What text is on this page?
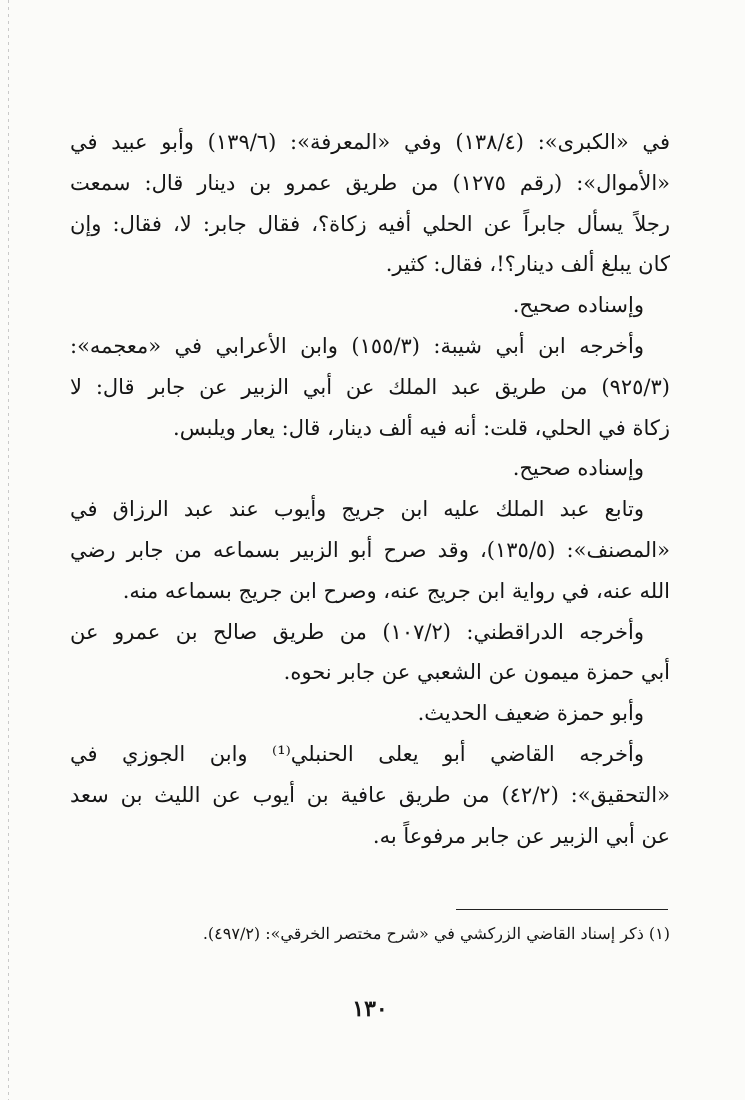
في «الكبرى»: (١٣٨/٤) وفي «المعرفة»: (١٣٩/٦) وأبو عبيد في
«الأموال»: (رقم ١٢٧٥) من طريق عمرو بن دينار قال: سمعت
رجلاً يسأل جابراً عن الحلي أفيه زكاة؟، فقال جابر: لا، فقال: وإن
كان يبلغ ألف دينار؟!، فقال: كثير.
وإسناده صحيح.
وأخرجه ابن أبي شيبة: (١٥٥/٣) وابن الأعرابي في «معجمه»:
(٩٢٥/٣) من طريق عبد الملك عن أبي الزبير عن جابر قال: لا
زكاة في الحلي، قلت: أنه فيه ألف دينار، قال: يعار ويلبس.
وإسناده صحيح.
وتابع عبد الملك عليه ابن جريج وأيوب عند عبد الرزاق في
«المصنف»: (١٣٥/٥)، وقد صرح أبو الزبير بسماعه من جابر رضي
الله عنه، في رواية ابن جريج عنه، وصرح ابن جريج بسماعه منه.
وأخرجه الدراقطني: (١٠٧/٢) من طريق صالح بن عمرو عن
أبي حمزة ميمون عن الشعبي عن جابر نحوه.
وأبو حمزة ضعيف الحديث.
وأخرجه القاضي أبو يعلى الحنبلي⁽¹⁾ وابن الجوزي في
«التحقيق»: (٤٢/٢) من طريق عافية بن أيوب عن الليث بن سعد
عن أبي الزبير عن جابر مرفوعاً به.
(١) ذكر إسناد القاضي الزركشي في «شرح مختصر الخرقي»: (٤٩٧/٢).
١٣٠
